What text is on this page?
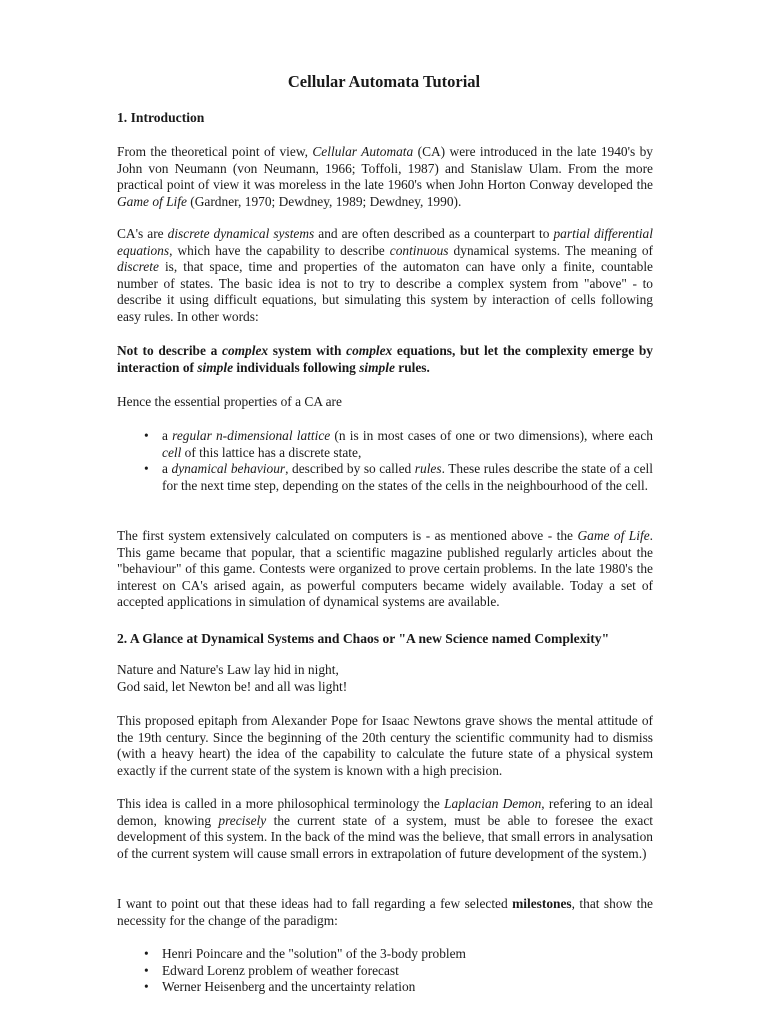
Cellular Automata Tutorial
1. Introduction

From the theoretical point of view, Cellular Automata (CA) were introduced in the late 1940's by John von Neumann (von Neumann, 1966; Toffoli, 1987) and Stanislaw Ulam. From the more practical point of view it was moreless in the late 1960's when John Horton Conway developed the Game of Life (Gardner, 1970; Dewdney, 1989; Dewdney, 1990).

CA's are discrete dynamical systems and are often described as a counterpart to partial differential equations, which have the capability to describe continuous dynamical systems. The meaning of discrete is, that space, time and properties of the automaton can have only a finite, countable number of states. The basic idea is not to try to describe a complex system from "above" - to describe it using difficult equations, but simulating this system by interaction of cells following easy rules. In other words:

Not to describe a complex system with complex equations, but let the complexity emerge by interaction of simple individuals following simple rules.

Hence the essential properties of a CA are

• a regular n-dimensional lattice (n is in most cases of one or two dimensions), where each cell of this lattice has a discrete state,
• a dynamical behaviour, described by so called rules. These rules describe the state of a cell for the next time step, depending on the states of the cells in the neighbourhood of the cell.

The first system extensively calculated on computers is - as mentioned above - the Game of Life. This game became that popular, that a scientific magazine published regularly articles about the "behaviour" of this game. Contests were organized to prove certain problems. In the late 1980's the interest on CA's arised again, as powerful computers became widely available. Today a set of accepted applications in simulation of dynamical systems are available.

2. A Glance at Dynamical Systems and Chaos or "A new Science named Complexity"

Nature and Nature's Law lay hid in night,
God said, let Newton be! and all was light!

This proposed epitaph from Alexander Pope for Isaac Newtons grave shows the mental attitude of the 19th century. Since the beginning of the 20th century the scientific community had to dismiss (with a heavy heart) the idea of the capability to calculate the future state of a physical system exactly if the current state of the system is known with a high precision.

This idea is called in a more philosophical terminology the Laplacian Demon, refering to an ideal demon, knowing precisely the current state of a system, must be able to foresee the exact development of this system. In the back of the mind was the believe, that small errors in analysation of the current system will cause small errors in extrapolation of future development of the system.)

I want to point out that these ideas had to fall regarding a few selected milestones, that show the necessity for the change of the paradigm:

• Henri Poincare and the "solution" of the 3-body problem
• Edward Lorenz problem of weather forecast
• Werner Heisenberg and the uncertainty relation
